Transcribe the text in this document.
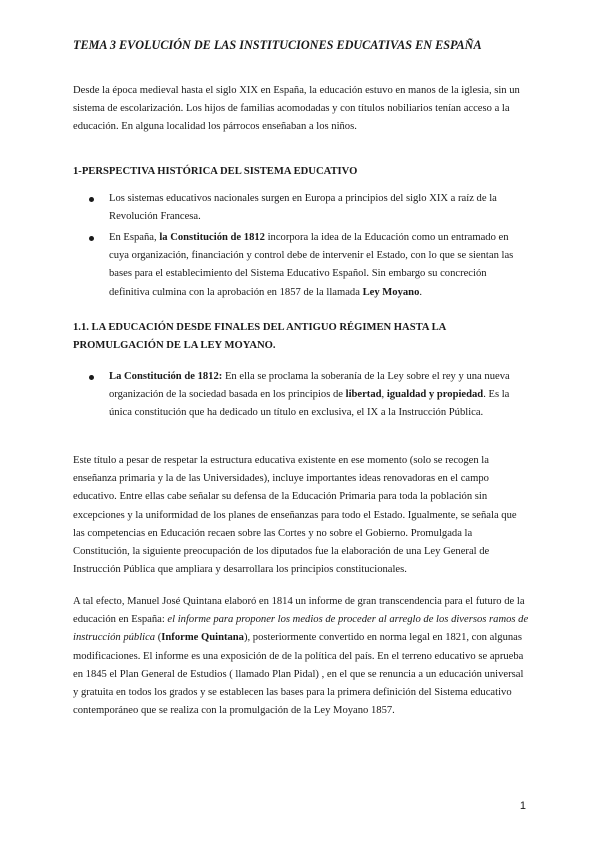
TEMA 3 EVOLUCIÓN DE LAS INSTITUCIONES EDUCATIVAS EN ESPAÑA
Desde la época medieval hasta el siglo XIX en España, la educación estuvo en manos de la iglesia, sin un sistema de escolarización. Los hijos de familias acomodadas y con títulos nobiliarios tenían acceso a la educación. En alguna localidad los párrocos enseñaban a los niños.
1-PERSPECTIVA HISTÓRICA DEL SISTEMA EDUCATIVO
Los sistemas educativos nacionales surgen en Europa a principios del siglo XIX a raíz de la Revolución Francesa.
En España, la Constitución de 1812 incorpora la idea de la Educación como un entramado en cuya organización, financiación y control debe de intervenir el Estado, con lo que se sientan las bases para el establecimiento del Sistema Educativo Español. Sin embargo su concreción definitiva culmina con la aprobación en 1857 de la llamada Ley Moyano.
1.1. LA EDUCACIÓN DESDE FINALES DEL ANTIGUO RÉGIMEN HASTA LA PROMULGACIÓN DE LA LEY MOYANO.
La Constitución de 1812: En ella se proclama la soberanía de la Ley sobre el rey y una nueva organización de la sociedad basada en los principios de libertad, igualdad y propiedad. Es la única constitución que ha dedicado un título en exclusiva, el IX a la Instrucción Pública.
Este título a pesar de respetar la estructura educativa existente en ese momento (solo se recogen la enseñanza primaria y la de las Universidades), incluye importantes ideas renovadoras en el campo educativo. Entre ellas cabe señalar su defensa de la Educación Primaria para toda la población sin excepciones y la uniformidad de los planes de enseñanzas para todo el Estado. Igualmente, se señala que las competencias en Educación recaen sobre las Cortes y no sobre el Gobierno. Promulgada la Constitución, la siguiente preocupación de los diputados fue la elaboración de una Ley General de Instrucción Pública que ampliara y desarrollara los principios constitucionales.
A tal efecto, Manuel José Quintana elaboró en 1814 un informe de gran transcendencia para el futuro de la educación en España: el informe para proponer los medios de proceder al arreglo de los diversos ramos de instrucción pública (Informe Quintana), posteriormente convertido en norma legal en 1821, con algunas modificaciones. El informe es una exposición de de la política del país. En el terreno educativo se aprueba en 1845 el Plan General de Estudios ( llamado Plan Pidal) , en el que se renuncia a un educación universal y gratuita en todos los grados y se establecen las bases para la primera definición del Sistema educativo contemporáneo que se realiza con la promulgación de la Ley Moyano 1857.
1
